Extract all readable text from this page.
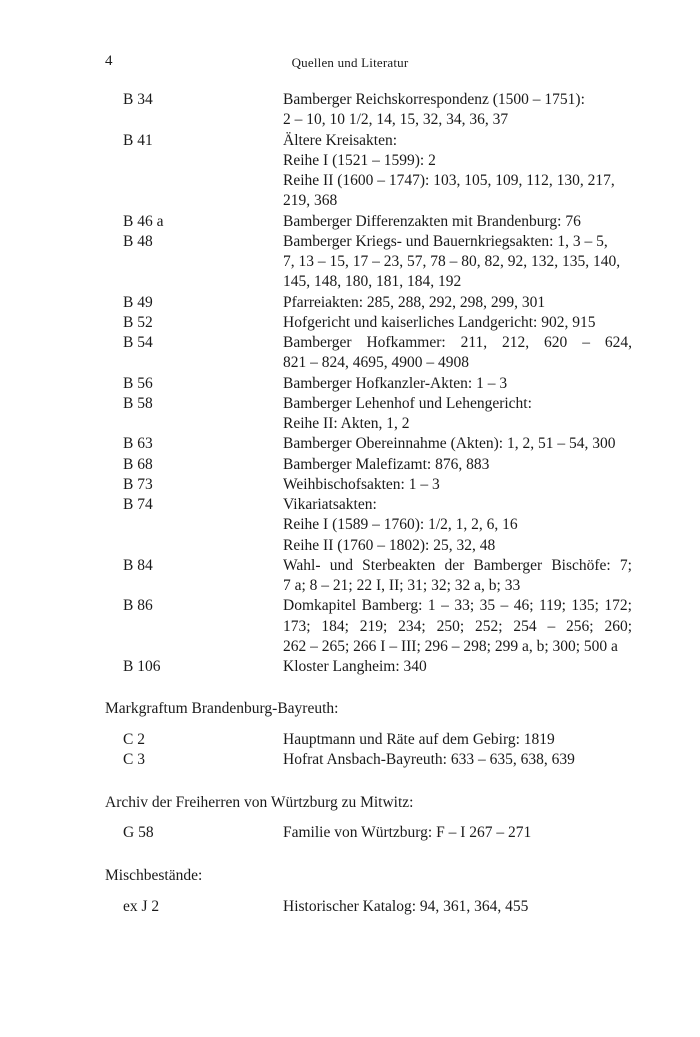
4	Quellen und Literatur
B 34	Bamberger Reichskorrespondenz (1500 – 1751):
2 – 10, 10 1/2, 14, 15, 32, 34, 36, 37
B 41	Ältere Kreisakten:
Reihe I (1521 – 1599): 2
Reihe II (1600 – 1747): 103, 105, 109, 112, 130, 217,
219, 368
B 46 a	Bamberger Differenzakten mit Brandenburg: 76
B 48	Bamberger Kriegs- und Bauernkriegsakten: 1, 3 – 5,
7, 13 – 15, 17 – 23, 57, 78 – 80, 82, 92, 132, 135, 140,
145, 148, 180, 181, 184, 192
B 49	Pfarreiakten: 285, 288, 292, 298, 299, 301
B 52	Hofgericht und kaiserliches Landgericht: 902, 915
B 54	Bamberger Hofkammer: 211, 212, 620 – 624,
821 – 824, 4695, 4900 – 4908
B 56	Bamberger Hofkanzler-Akten: 1 – 3
B 58	Bamberger Lehenhof und Lehengericht:
Reihe II: Akten, 1, 2
B 63	Bamberger Obereinnahme (Akten): 1, 2, 51 – 54, 300
B 68	Bamberger Malefizamt: 876, 883
B 73	Weihbischofsakten: 1 – 3
B 74	Vikariatsakten:
Reihe I (1589 – 1760): 1/2, 1, 2, 6, 16
Reihe II (1760 – 1802): 25, 32, 48
B 84	Wahl- und Sterbeakten der Bamberger Bischöfe: 7;
7 a; 8 – 21; 22 I, II; 31; 32; 32 a, b; 33
B 86	Domkapitel Bamberg: 1 – 33; 35 – 46; 119; 135; 172;
173; 184; 219; 234; 250; 252; 254 – 256; 260;
262 – 265; 266 I – III; 296 – 298; 299 a, b; 300; 500 a
B 106	Kloster Langheim: 340
Markgraftum Brandenburg-Bayreuth:
C 2	Hauptmann und Räte auf dem Gebirg: 1819
C 3	Hofrat Ansbach-Bayreuth: 633 – 635, 638, 639
Archiv der Freiherren von Würtzburg zu Mitwitz:
G 58	Familie von Würtzburg: F – I 267 – 271
Mischbestände:
ex J 2	Historischer Katalog: 94, 361, 364, 455
